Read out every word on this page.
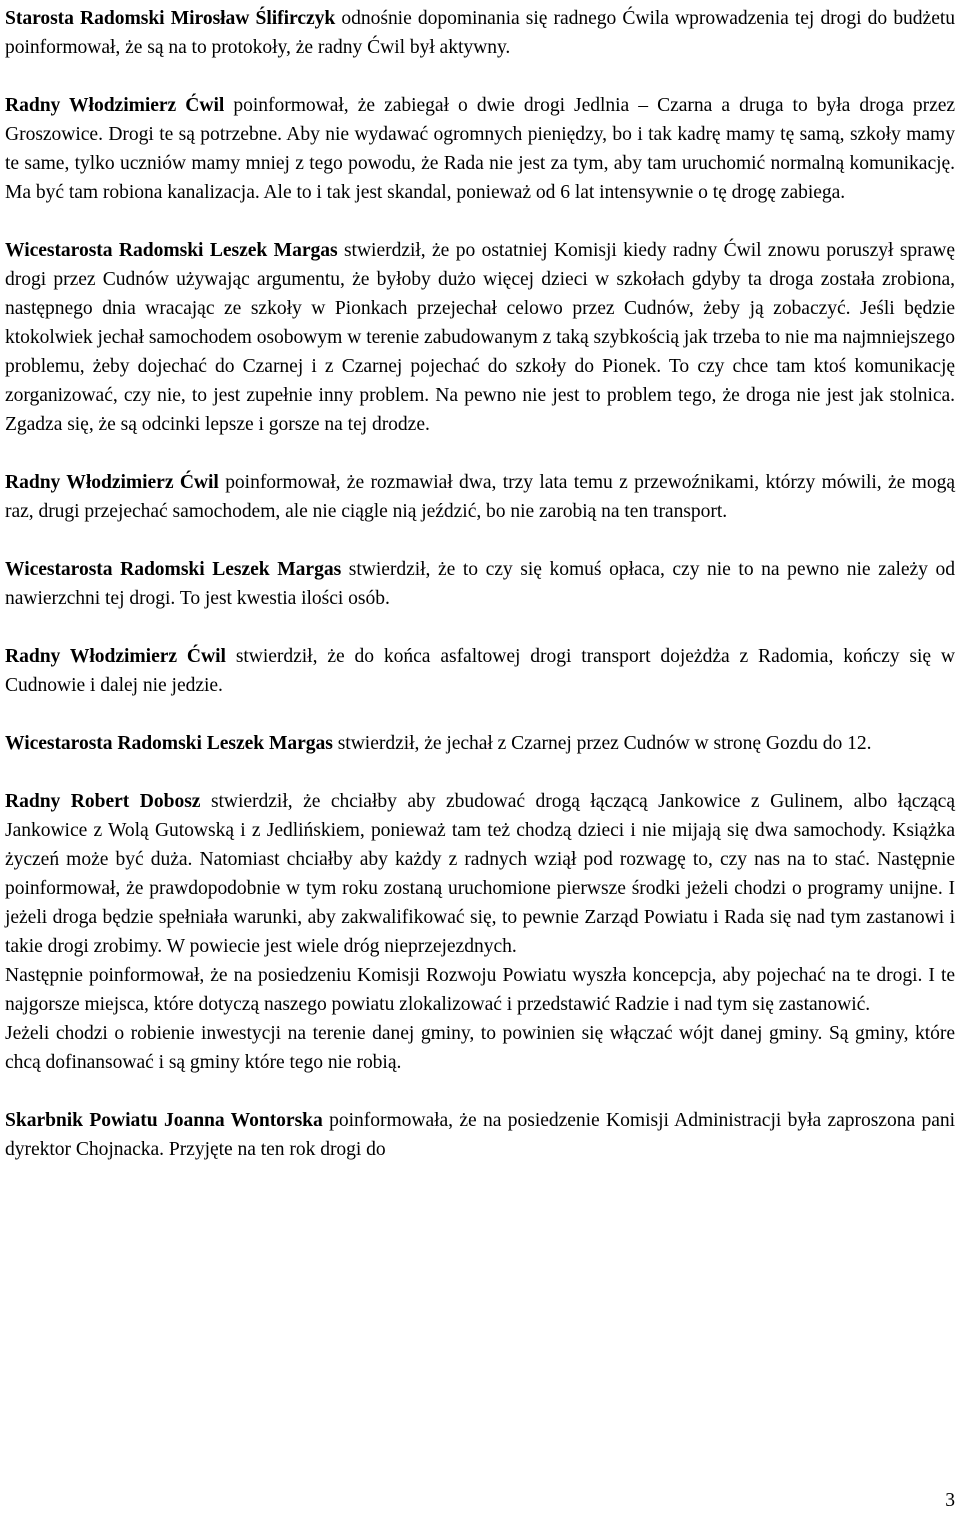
Starosta Radomski Mirosław Ślifirczyk odnośnie dopominania się radnego Ćwila wprowadzenia tej drogi do budżetu poinformował, że są na to protokoły, że radny Ćwil był aktywny.

Radny Włodzimierz Ćwil poinformował, że zabiegał o dwie drogi Jedlnia – Czarna a druga to była droga przez Groszowice. Drogi te są potrzebne. Aby nie wydawać ogromnych pieniędzy, bo i tak kadrę mamy tę samą, szkoły mamy te same, tylko uczniów mamy mniej z tego powodu, że Rada nie jest za tym, aby tam uruchomić normalną komunikację. Ma być tam robiona kanalizacja. Ale to i tak jest skandal, ponieważ od 6 lat intensywnie o tę drogę zabiega.

Wicestarosta Radomski Leszek Margas stwierdził, że po ostatniej Komisji kiedy radny Ćwil znowu poruszył sprawę drogi przez Cudnów używając argumentu, że byłoby dużo więcej dzieci w szkołach gdyby ta droga została zrobiona, następnego dnia wracając ze szkoły w Pionkach przejechał celowo przez Cudnów, żeby ją zobaczyć. Jeśli będzie ktokolwiek jechał samochodem osobowym w terenie zabudowanym z taką szybkością jak trzeba to nie ma najmniejszego problemu, żeby dojechać do Czarnej i z Czarnej pojechać do szkoły do Pionek. To czy chce tam ktoś komunikację zorganizować, czy nie, to jest zupełnie inny problem. Na pewno nie jest to problem tego, że droga nie jest jak stolnica. Zgadza się, że są odcinki lepsze i gorsze na tej drodze.

Radny Włodzimierz Ćwil poinformował, że rozmawiał dwa, trzy lata temu z przewoźnikami, którzy mówili, że mogą raz, drugi przejechać samochodem, ale nie ciągle nią jeździć, bo nie zarobią na ten transport.

Wicestarosta Radomski Leszek Margas stwierdził, że to czy się komuś opłaca, czy nie to na pewno nie zależy od nawierzchni tej drogi. To jest kwestia ilości osób.

Radny Włodzimierz Ćwil stwierdził, że do końca asfaltowej drogi transport dojeżdża z Radomia, kończy się w Cudnowie i dalej nie jedzie.

Wicestarosta Radomski Leszek Margas stwierdził, że jechał z Czarnej przez Cudnów w stronę Gozdu do 12.

Radny Robert Dobosz stwierdził, że chciałby aby zbudować drogą łączącą Jankowice z Gulinem, albo łączącą Jankowice z Wolą Gutowską i z Jedlińskiem, ponieważ tam też chodzą dzieci i nie mijają się dwa samochody. Książka życzeń może być duża. Natomiast chciałby aby każdy z radnych wziął pod rozwagę to, czy nas na to stać. Następnie poinformował, że prawdopodobnie w tym roku zostaną uruchomione pierwsze środki jeżeli chodzi o programy unijne. I jeżeli droga będzie spełniała warunki, aby zakwalifikować się, to pewnie Zarząd Powiatu i Rada się nad tym zastanowi i takie drogi zrobimy. W powiecie jest wiele dróg nieprzejezdnych.

Następnie poinformował, że na posiedzeniu Komisji Rozwoju Powiatu wyszła koncepcja, aby pojechać na te drogi. I te najgorsze miejsca, które dotyczą naszego powiatu zlokalizować i przedstawić Radzie i nad tym się zastanowić.

Jeżeli chodzi o robienie inwestycji na terenie danej gminy, to powinien się włączać wójt danej gminy. Są gminy, które chcą dofinansować i są gminy które tego nie robią.

Skarbnik Powiatu Joanna Wontorska poinformowała, że na posiedzenie Komisji Administracji była zaproszona pani dyrektor Chojnacka. Przyjęte na ten rok drogi do

3
